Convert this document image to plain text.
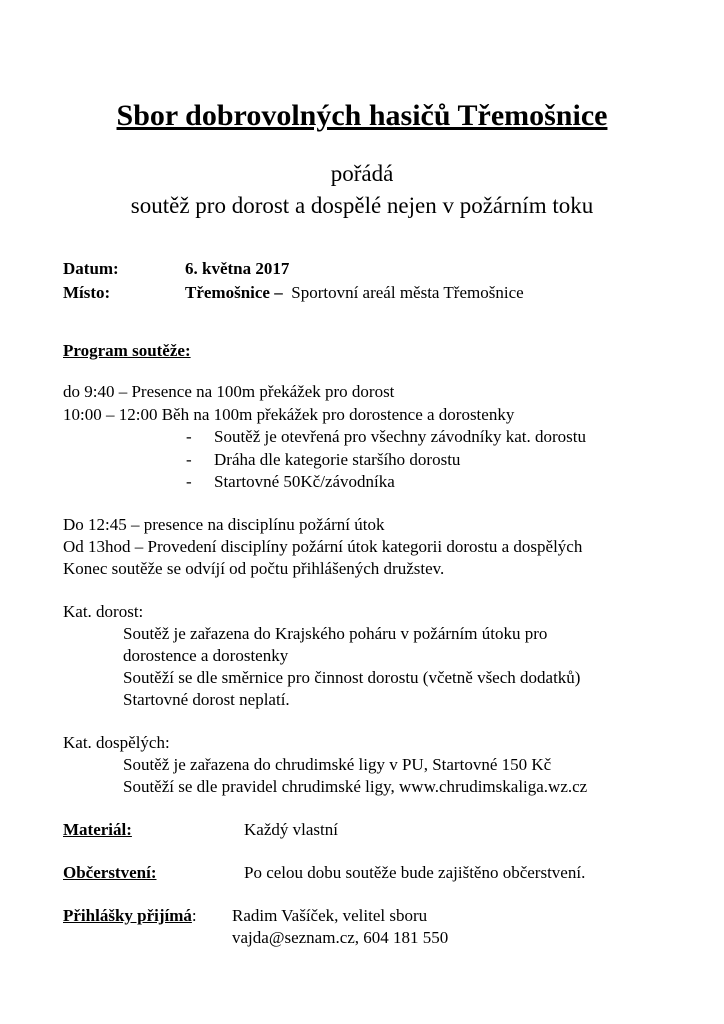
Sbor dobrovolných hasičů Třemošnice
pořádá
soutěž pro dorost a dospělé nejen v požárním toku
Datum:	6. května 2017
Místo:	Třemošnice – Sportovní areál města Třemošnice
Program soutěže:
do 9:40 – Presence na 100m překážek pro dorost
10:00 – 12:00 Běh na 100m překážek pro dorostence a dorostenky
- Soutěž je otevřená pro všechny závodníky kat. dorostu
- Dráha dle kategorie staršího dorostu
- Startovné 50Kč/závodníka
Do 12:45 – presence na disciplínu požární útok
Od 13hod – Provedení disciplíny požární útok kategorii dorostu a dospělých
Konec soutěže se odvíjí od počtu přihlášených družstev.
Kat. dorost:
Soutěž je zařazena do Krajského poháru v požárním útoku pro
dorostence a dorostenky
Soutěží se dle směrnice pro činnost dorostu (včetně všech dodatků)
Startovné dorost neplatí.
Kat. dospělých:
Soutěž je zařazena do chrudimské ligy v PU, Startovné 150 Kč
Soutěží se dle pravidel chrudimské ligy, www.chrudimskaliga.wz.cz
Materiál:	Každý vlastní
Občerstvení:	Po celou dobu soutěže bude zajištěno občerstvení.
Přihlášky přijímá: Radim Vašíček, velitel sboru
vajda@seznam.cz, 604 181 550
